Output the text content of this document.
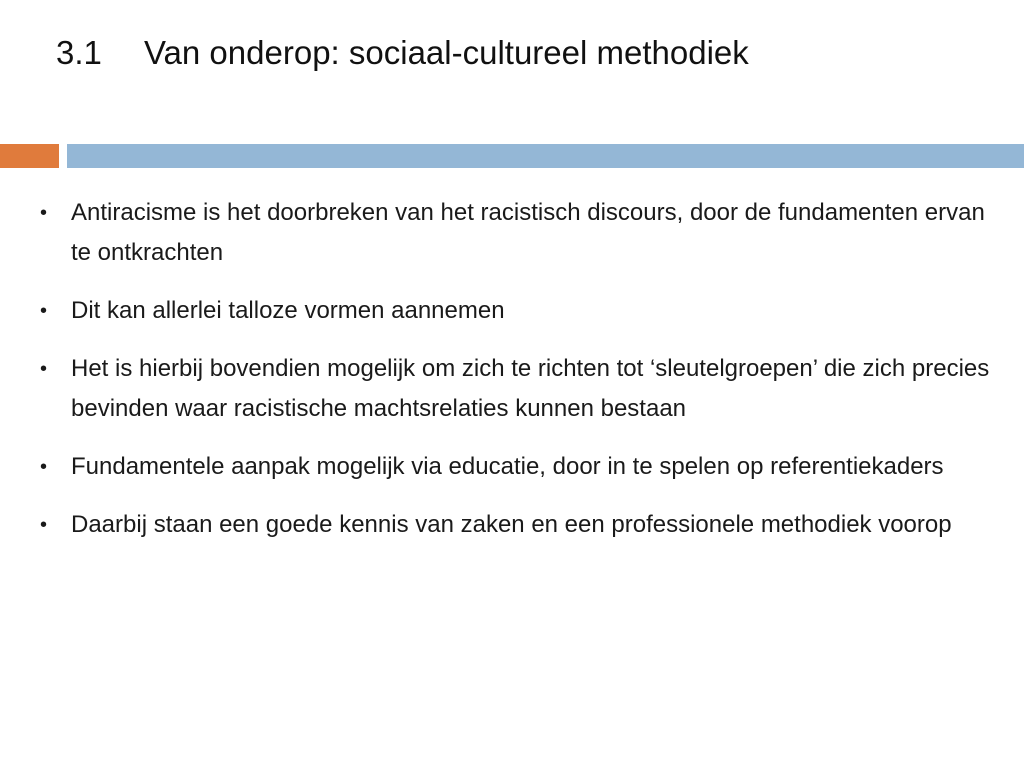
3.1 Van onderop: sociaal-cultureel methodiek
• Antiracisme is het doorbreken van het racistisch discours, door de fundamenten ervan te ontkrachten
• Dit kan allerlei talloze vormen aannemen
• Het is hierbij bovendien mogelijk om zich te richten tot ‘sleutelgroepen’ die zich precies bevinden waar racistische machtsrelaties kunnen bestaan
• Fundamentele aanpak mogelijk via educatie, door in te spelen op referentiekaders
• Daarbij staan een goede kennis van zaken en een professionele methodiek voorop
